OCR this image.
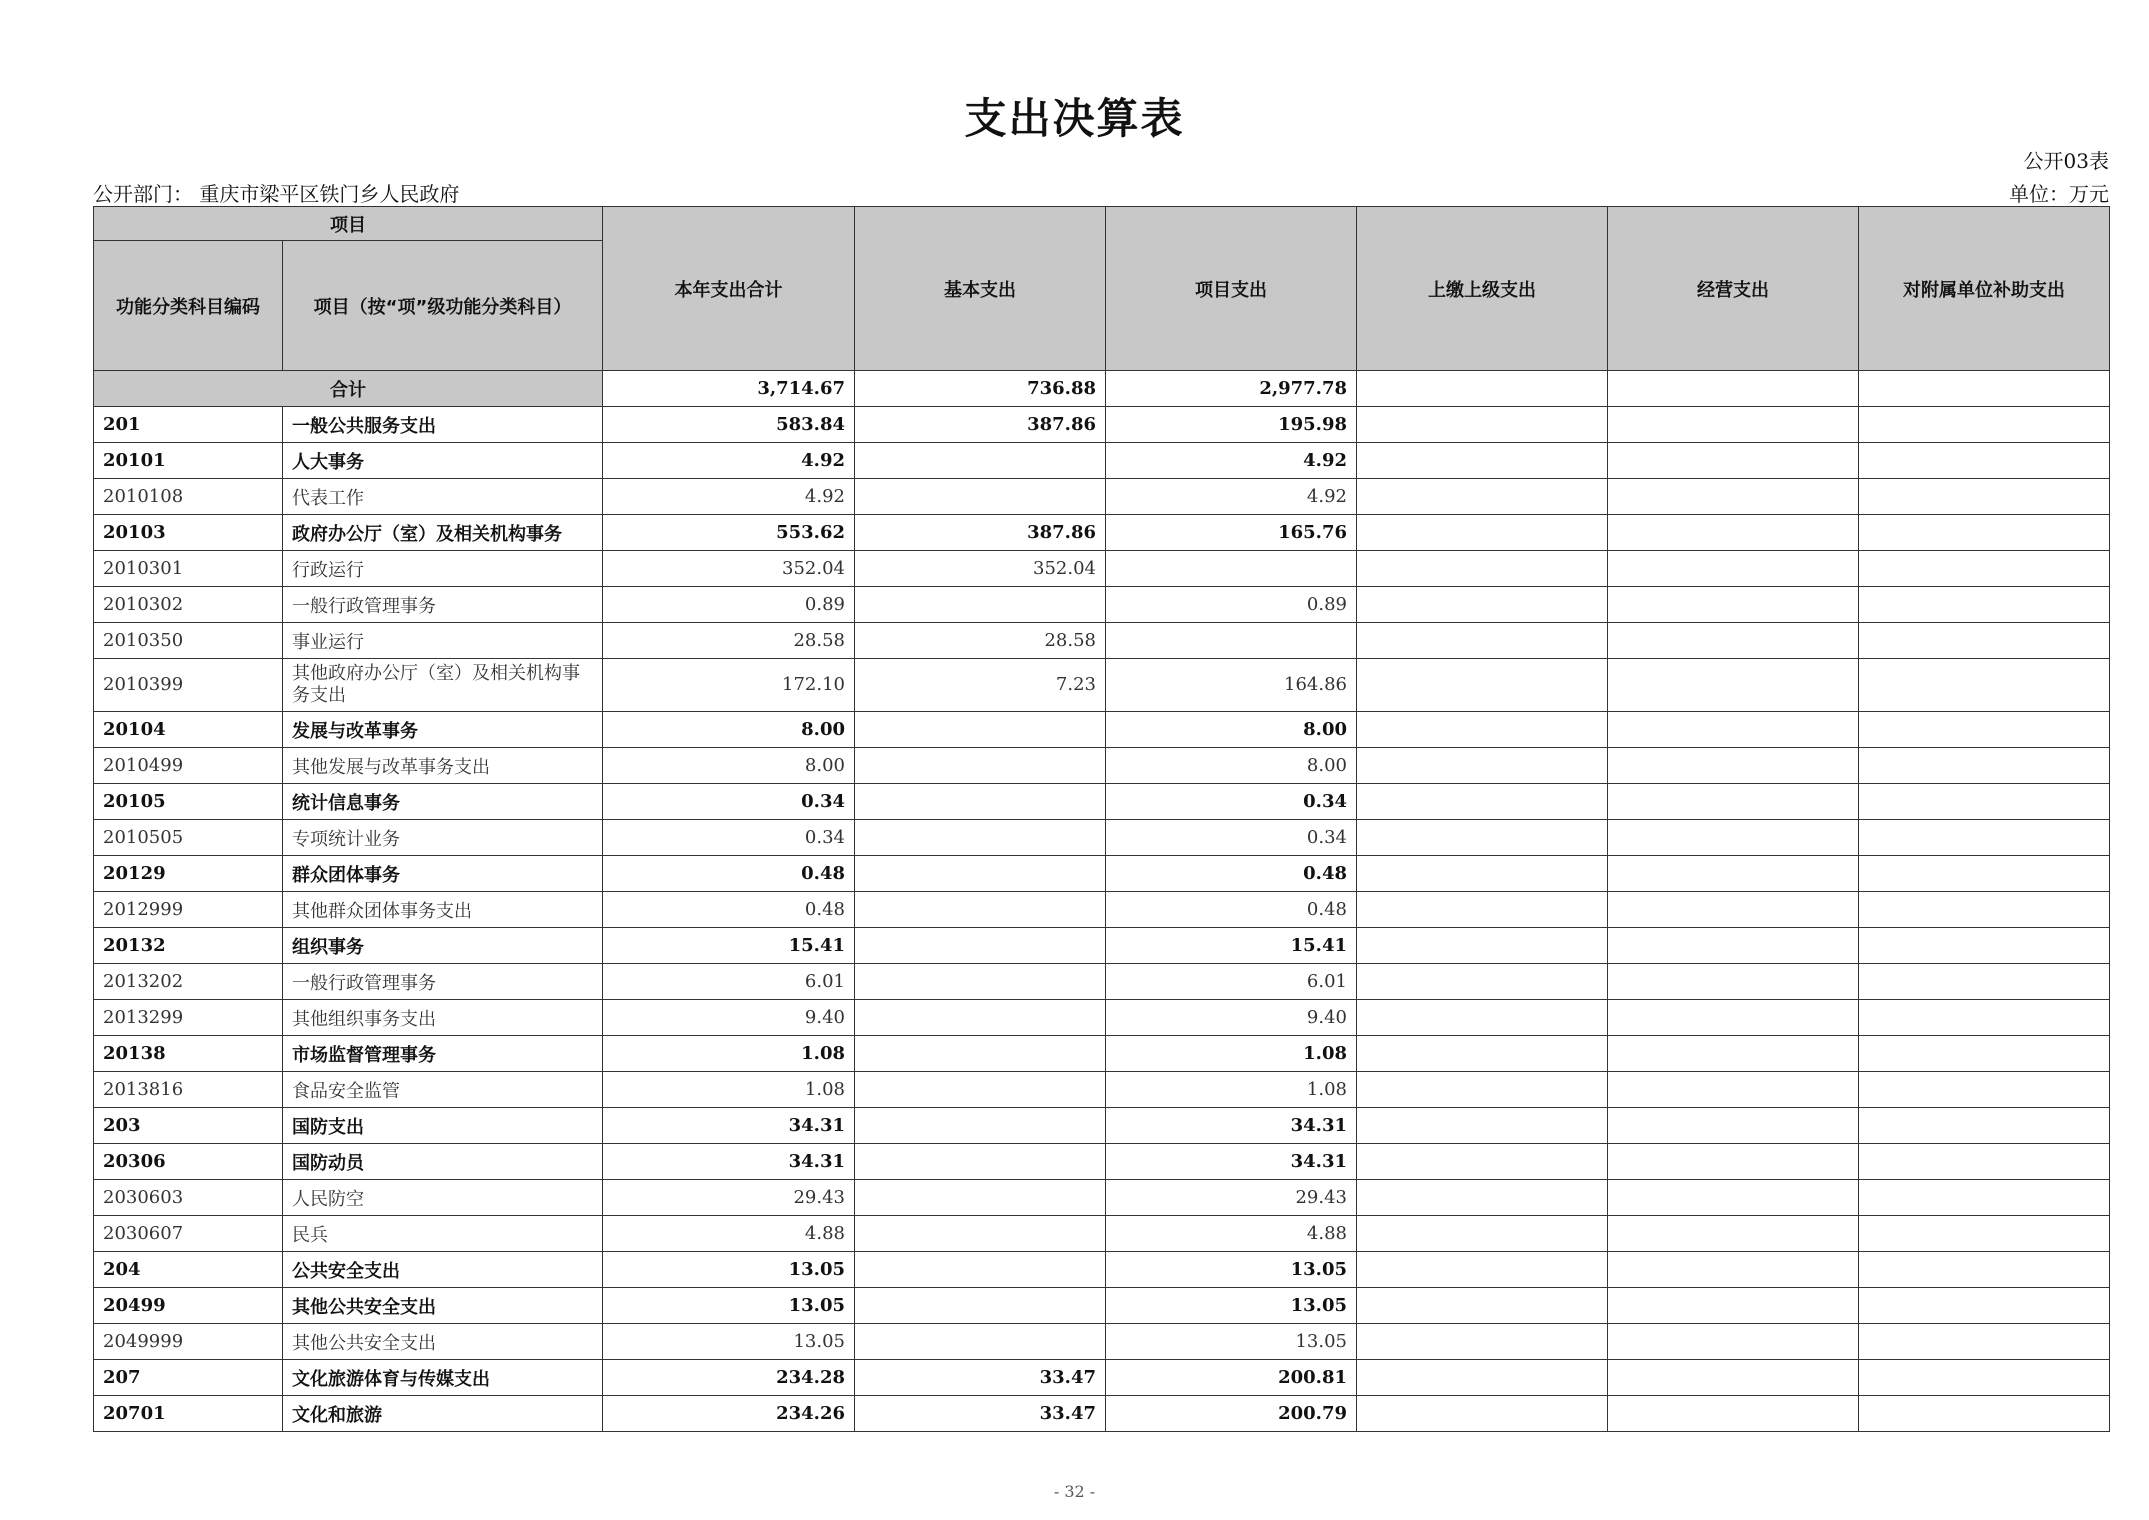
支出决算表
公开03表
公开部门： 重庆市梁平区铁门乡人民政府	单位：万元
项目		本年支出合计	基本支出	项目支出	上缴上级支出	经营支出	对附属单位补助支出
功能分类科目编码	项目（按“项”级功能分类科目）						
合计		3,714.67	736.88	2,977.78			
201	一般公共服务支出	583.84	387.86	195.98			
20101	人大事务	4.92		4.92			
2010108	代表工作	4.92		4.92			
20103	政府办公厅（室）及相关机构事务	553.62	387.86	165.76			
2010301	行政运行	352.04	352.04				
2010302	一般行政管理事务	0.89		0.89			
2010350	事业运行	28.58	28.58				
2010399	其他政府办公厅（室）及相关机构事务支出	172.10	7.23	164.86			
20104	发展与改革事务	8.00		8.00			
2010499	其他发展与改革事务支出	8.00		8.00			
20105	统计信息事务	0.34		0.34			
2010505	专项统计业务	0.34		0.34			
20129	群众团体事务	0.48		0.48			
2012999	其他群众团体事务支出	0.48		0.48			
20132	组织事务	15.41		15.41			
2013202	一般行政管理事务	6.01		6.01			
2013299	其他组织事务支出	9.40		9.40			
20138	市场监督管理事务	1.08		1.08			
2013816	食品安全监管	1.08		1.08			
203	国防支出	34.31		34.31			
20306	国防动员	34.31		34.31			
2030603	人民防空	29.43		29.43			
2030607	民兵	4.88		4.88			
204	公共安全支出	13.05		13.05			
20499	其他公共安全支出	13.05		13.05			
2049999	其他公共安全支出	13.05		13.05			
207	文化旅游体育与传媒支出	234.28	33.47	200.81			
20701	文化和旅游	234.26	33.47	200.79			
- 32 -
